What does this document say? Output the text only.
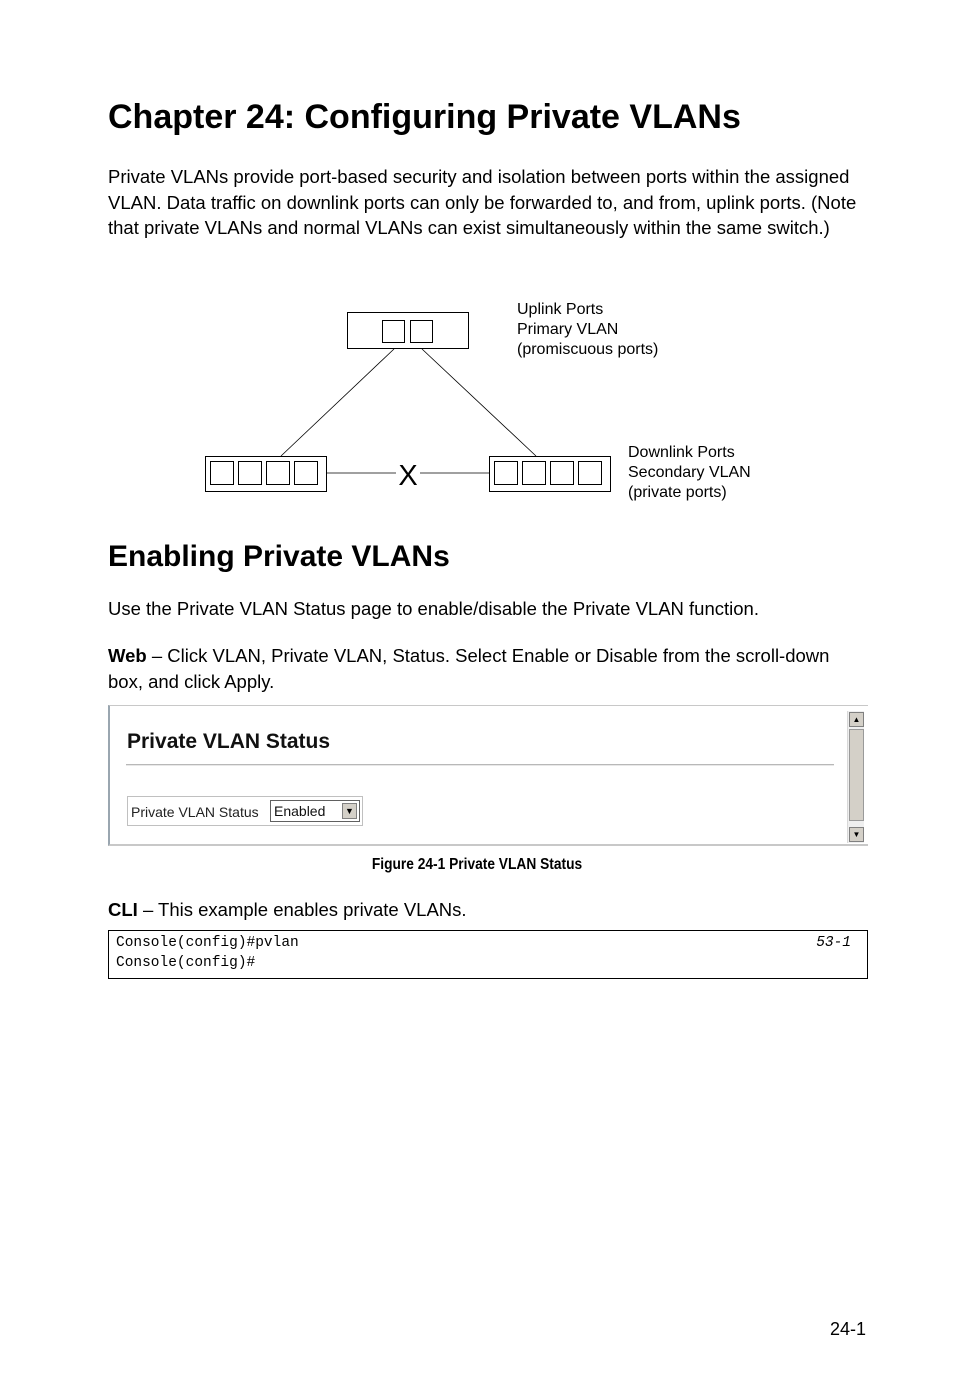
Chapter 24: Configuring Private VLANs
Private VLANs provide port-based security and isolation between ports within the assigned VLAN. Data traffic on downlink ports can only be forwarded to, and from, uplink ports. (Note that private VLANs and normal VLANs can exist simultaneously within the same switch.)
X
Uplink Ports
Primary VLAN
(promiscuous ports)
Downlink Ports
Secondary VLAN
(private ports)
Enabling Private VLANs
Use the Private VLAN Status page to enable/disable the Private VLAN function.
Web – Click VLAN, Private VLAN, Status. Select Enable or Disable from the scroll-down box, and click Apply.
Private VLAN Status
Private VLAN Status Enabled	▼
▲
▼
Figure 24-1 Private VLAN Status
CLI – This example enables private VLANs.
Console(config)#pvlan	53-1
Console(config)#
24-1
